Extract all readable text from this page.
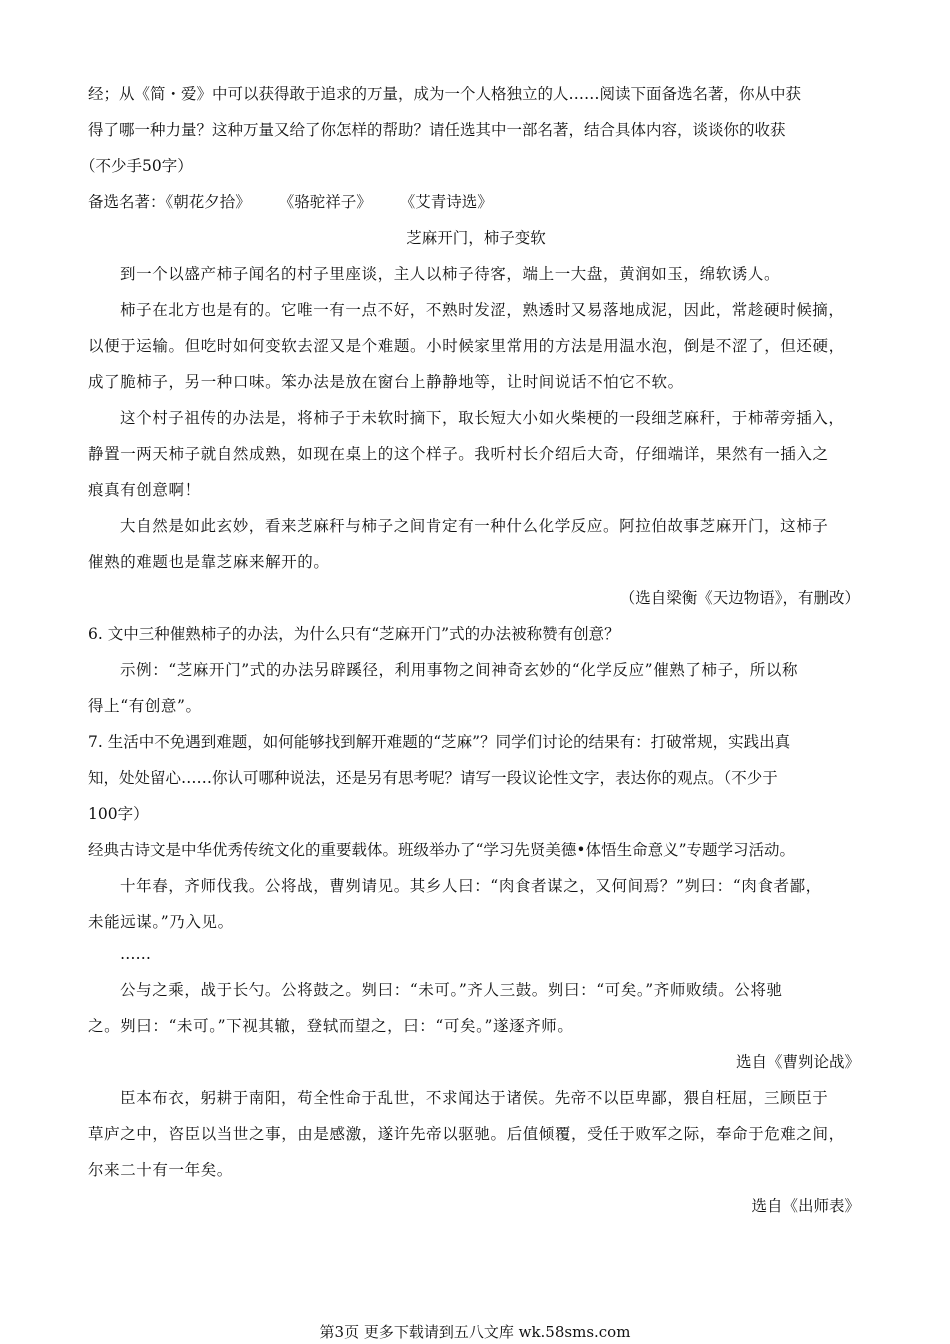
经；从《简・爱》中可以获得敢于追求的万量，成为一个人格独立的人……阅读下面备选名著，你从中获
得了哪一种力量？这种万量又给了你怎样的帮助？请任选其中一部名著，结合具体内容，谈谈你的收获
（不少手50字）
备选名著：《朝花夕拾》 《骆驼祥子》 《艾青诗选》
芝麻开门，柿子变软
到一个以盛产柿子闻名的村子里座谈，主人以柿子待客，端上一大盘，黄润如玉，绵软诱人。
柿子在北方也是有的。它唯一有一点不好，不熟时发涩，熟透时又易落地成泥，因此，常趁硬时候摘，
以便于运输。但吃时如何变软去涩又是个难题。小时候家里常用的方法是用温水泡，倒是不涩了，但还硬，
成了脆柿子，另一种口味。笨办法是放在窗台上静静地等，让时间说话不怕它不软。
这个村子祖传的办法是，将柿子于未软时摘下，取长短大小如火柴梗的一段细芝麻秆，于柿蒂旁插入，
静置一两天柿子就自然成熟，如现在桌上的这个样子。我听村长介绍后大奇，仔细端详，果然有一插入之
痕真有创意啊！
大自然是如此玄妙，看来芝麻秆与柿子之间肯定有一种什么化学反应。阿拉伯故事芝麻开门，这柿子
催熟的难题也是靠芝麻来解开的。
（选自梁衡《天边物语》，有删改）
6. 文中三种催熟柿子的办法，为什么只有“芝麻开门”式的办法被称赞有创意？
示例：“芝麻开门”式的办法另辟蹊径，利用事物之间神奇玄妙的“化学反应”催熟了柿子，所以称
得上“有创意”。
7. 生活中不免遇到难题，如何能够找到解开难题的“芝麻”？同学们讨论的结果有：打破常规，实践出真
知，处处留心……你认可哪种说法，还是另有思考呢？请写一段议论性文字，表达你的观点。（不少于
100字）
经典古诗文是中华优秀传统文化的重要载体。班级举办了“学习先贤美德•体悟生命意义”专题学习活动。
十年春，齐师伐我。公将战，曹刿请见。其乡人曰：“肉食者谋之，又何间焉？”刿曰：“肉食者鄙，
未能远谋。”乃入见。
……
公与之乘，战于长勺。公将鼓之。刿曰：“未可。”齐人三鼓。刿曰：“可矣。”齐师败绩。公将驰
之。刿曰：“未可。”下视其辙，登轼而望之，曰：“可矣。”遂逐齐师。
选自《曹刿论战》
臣本布衣，躬耕于南阳，苟全性命于乱世，不求闻达于诸侯。先帝不以臣卑鄙，猥自枉屈，三顾臣于
草庐之中，咨臣以当世之事，由是感激，遂许先帝以驱驰。后值倾覆，受任于败军之际，奉命于危难之间，
尔来二十有一年矣。
选自《出师表》
第3页 更多下载请到五八文库 wk.58sms.com
